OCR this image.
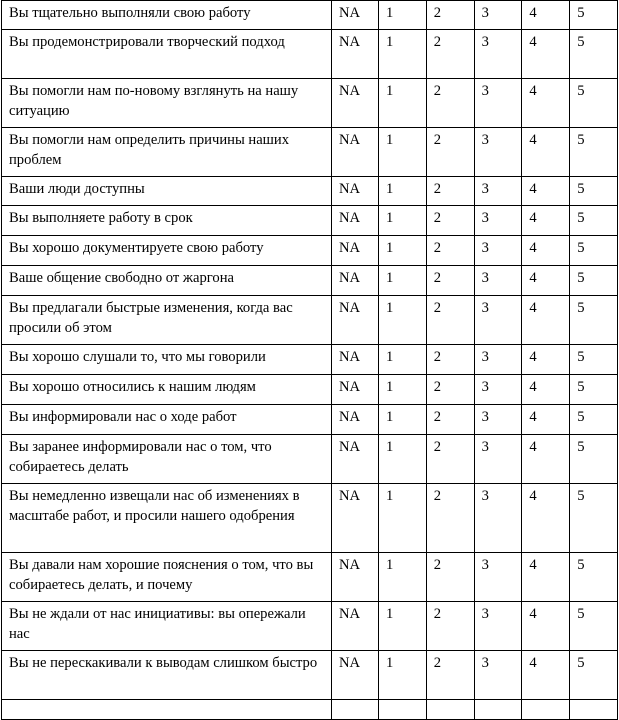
Вы тщательно выполняли свою работу	NA	1	2	3	4	5
Вы продемонстрировали творческий подход	NA	1	2	3	4	5
Вы помогли нам по-новому взглянуть на нашу ситуацию	NA	1	2	3	4	5
Вы помогли нам определить причины наших проблем	NA	1	2	3	4	5
Ваши люди доступны	NA	1	2	3	4	5
Вы выполняете работу в срок	NA	1	2	3	4	5
Вы хорошо документируете свою работу	NA	1	2	3	4	5
Ваше общение свободно от жаргона	NA	1	2	3	4	5
Вы предлагали быстрые изменения, когда вас просили об этом	NA	1	2	3	4	5
Вы хорошо слушали то, что мы говорили	NA	1	2	3	4	5
Вы хорошо относились к нашим людям	NA	1	2	3	4	5
Вы информировали нас о ходе работ	NA	1	2	3	4	5
Вы заранее информировали нас о том, что собираетесь делать	NA	1	2	3	4	5
Вы немедленно извещали нас об изменениях в масштабе работ, и просили нашего одобрения	NA	1	2	3	4	5
Вы давали нам хорошие пояснения о том, что вы собираетесь делать, и почему	NA	1	2	3	4	5
Вы не ждали от нас инициативы: вы опережали нас	NA	1	2	3	4	5
Вы не перескакивали к выводам слишком быстро	NA	1	2	3	4	5
